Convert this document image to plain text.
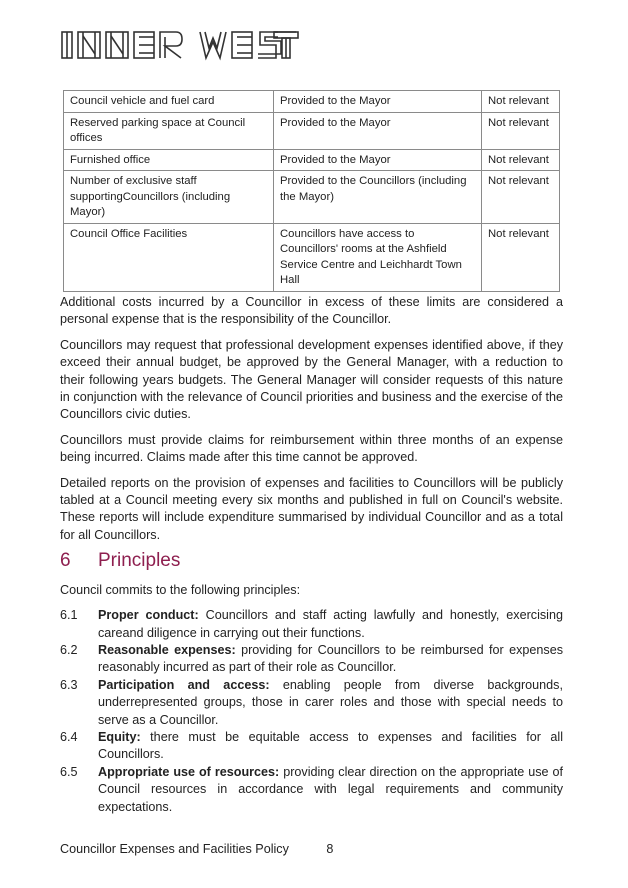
Council vehicle and fuel card	Provided to the Mayor	Not relevant
Reserved parking space at Council offices	Provided to the Mayor	Not relevant
Furnished office	Provided to the Mayor	Not relevant
Number of exclusive staff supportingCouncillors (including Mayor)	Provided to the Councillors (including the Mayor)	Not relevant
Council Office Facilities	Councillors have access to Councillors' rooms at the Ashfield Service Centre and Leichhardt Town Hall	Not relevant

Additional costs incurred by a Councillor in excess of these limits are considered a personal expense that is the responsibility of the Councillor.

Councillors may request that professional development expenses identified above, if they exceed their annual budget, be approved by the General Manager, with a reduction to their following years budgets. The General Manager will consider requests of this nature in conjunction with the relevance of Council priorities and business and the exercise of the Councillors civic duties.

Councillors must provide claims for reimbursement within three months of an expense being incurred. Claims made after this time cannot be approved.

Detailed reports on the provision of expenses and facilities to Councillors will be publicly tabled at a Council meeting every six months and published in full on Council's website. These reports will include expenditure summarised by individual Councillor and as a total for all Councillors.

6	Principles

Council commits to the following principles:

6.1	Proper conduct: Councillors and staff acting lawfully and honestly, exercising careand diligence in carrying out their functions.
6.2	Reasonable expenses: providing for Councillors to be reimbursed for expenses reasonably incurred as part of their role as Councillor.
6.3	Participation and access: enabling people from diverse backgrounds, underrepresented groups, those in carer roles and those with special needs to serve as a Councillor.
6.4	Equity: there must be equitable access to expenses and facilities for all Councillors.
6.5	Appropriate use of resources: providing clear direction on the appropriate use of Council resources in accordance with legal requirements and community expectations.
Councillor Expenses and Facilities Policy	8
